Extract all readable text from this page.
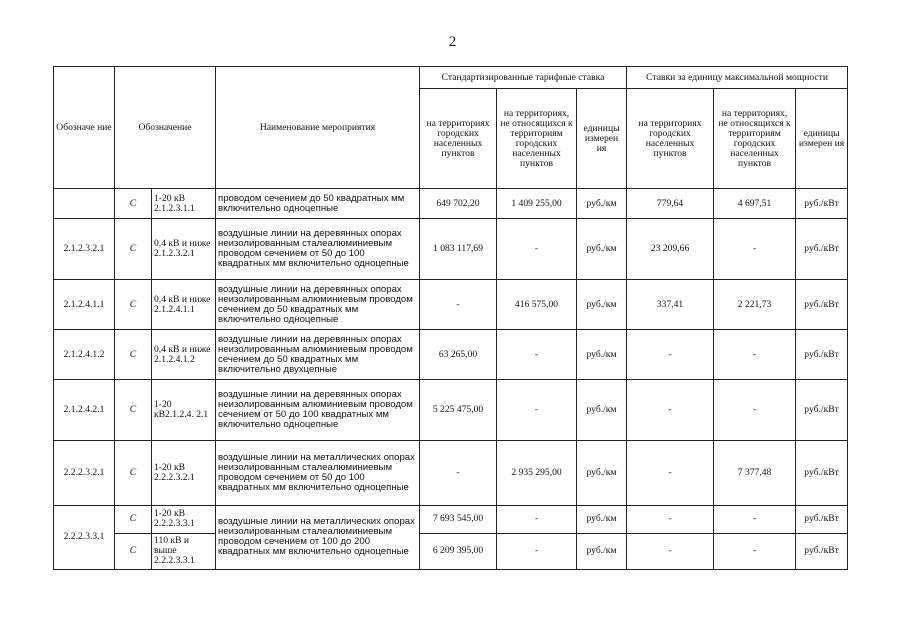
2
Обозначе ние	Обозначение		Наименование мероприятия	Стандартизированные тарифные ставка			Ставки за единицу максимальной мощности		
				на территориях городских населенных пунктов	на территориях, не относящихся к территориям городских населенных пунктов	единицы измерен ия	на территориях городских населенных пунктов	на территориях, не относящихся к территориям городских населенных пунктов	единицы измерен ия
	С	1-20 кВ 2.1.2.3.1.1	проводом сечением до 50 квадратных мм включительно одноцепные	649 702,20	1 409 255,00	руб./км	779,64	4 697,51	руб./кВт
2.1.2.3.2.1	С	0,4 кВ и ниже 2.1.2.3.2.1	воздушные линии на деревянных опорах неизолированным сталеалюминиевым проводом сечением от 50 до 100 квадратных мм включительно одноцепные	1 083 117,69	-	руб./км	23 209,66	-	руб./кВт
2.1.2.4.1.1	С	0,4 кВ и ниже 2.1.2.4.1.1	воздушные линии на деревянных опорах неизолированным алюминиевым проводом сечением до 50 квадратных мм включительно одноцепные	-	416 575,00	руб./км	337,41	2 221,73	руб./кВт
2.1.2.4.1.2	С	0,4 кВ и ниже 2.1.2.4.1.2	воздушные линии на деревянных опорах неизолированным алюминиевым проводом сечением до 50 квадратных мм включительно двухцепные	63 265,00	-	руб./км	-	-	руб./кВт
2.1.2.4.2.1	С	1-20 кВ2.1.2.4. 2.1	воздушные линии на деревянных опорах неизолированным алюминиевым проводом сечением от 50 до 100 квадратных мм включительно одноцепные	5 225 475,00	-	руб./км	-	-	руб./кВт
2.2.2.3.2.1	С	1-20 кВ 2.2.2.3.2.1	воздушные линии на металлических опорах неизолированным сталеалюминиевым проводом сечением от 50 до 100 квадратных мм включительно одноцепные	-	2 935 295,00	руб./км	-	7 377,48	руб./кВт
2.2.2.3.3.1	С	1-20 кВ 2.2.2.3.3.1	воздушные линии на металлических опорах неизолированным сталеалюминиевым проводом сечением от 100 до 200 квадратных мм включительно одноцепные	7 693 545,00	-	руб./км	-	-	руб./кВт
	С	110 кВ и выше 2.2.2.3.3.1		6 209 395,00	-	руб./км	-	-	руб./кВт
